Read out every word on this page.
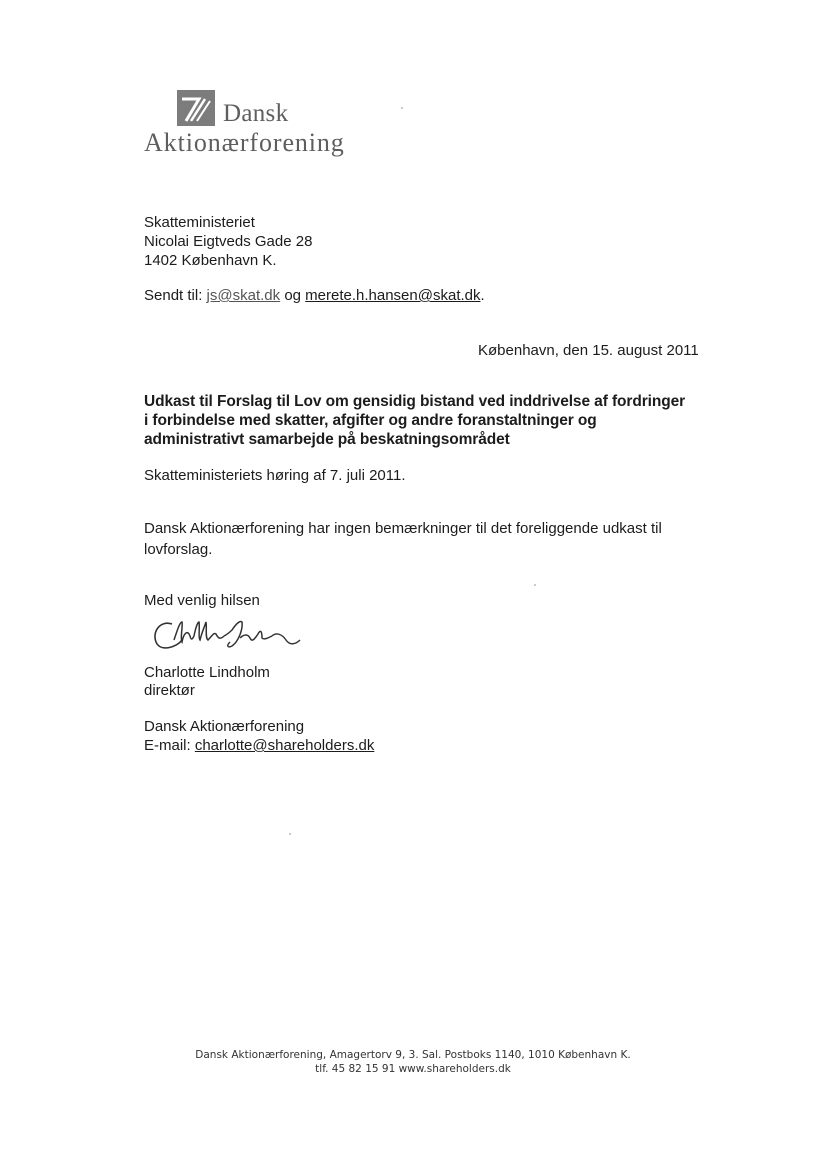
Dansk
Aktionærforening
Skatteministeriet
Nicolai Eigtveds Gade 28
1402 København K.
Sendt til: js@skat.dk og merete.h.hansen@skat.dk.
København, den 15. august 2011
Udkast til Forslag til Lov om gensidig bistand ved inddrivelse af fordringer
i forbindelse med skatter, afgifter og andre foranstaltninger og
administrativt samarbejde på beskatningsområdet
Skatteministeriets høring af 7. juli 2011.
Dansk Aktionærforening har ingen bemærkninger til det foreliggende udkast til lovforslag.
Med venlig hilsen
Charlotte Lindholm
direktør
Dansk Aktionærforening
E-mail: charlotte@shareholders.dk
Dansk Aktionærforening, Amagertorv 9, 3. Sal. Postboks 1140, 1010 København K.
tlf. 45 82 15 91 www.shareholders.dk
